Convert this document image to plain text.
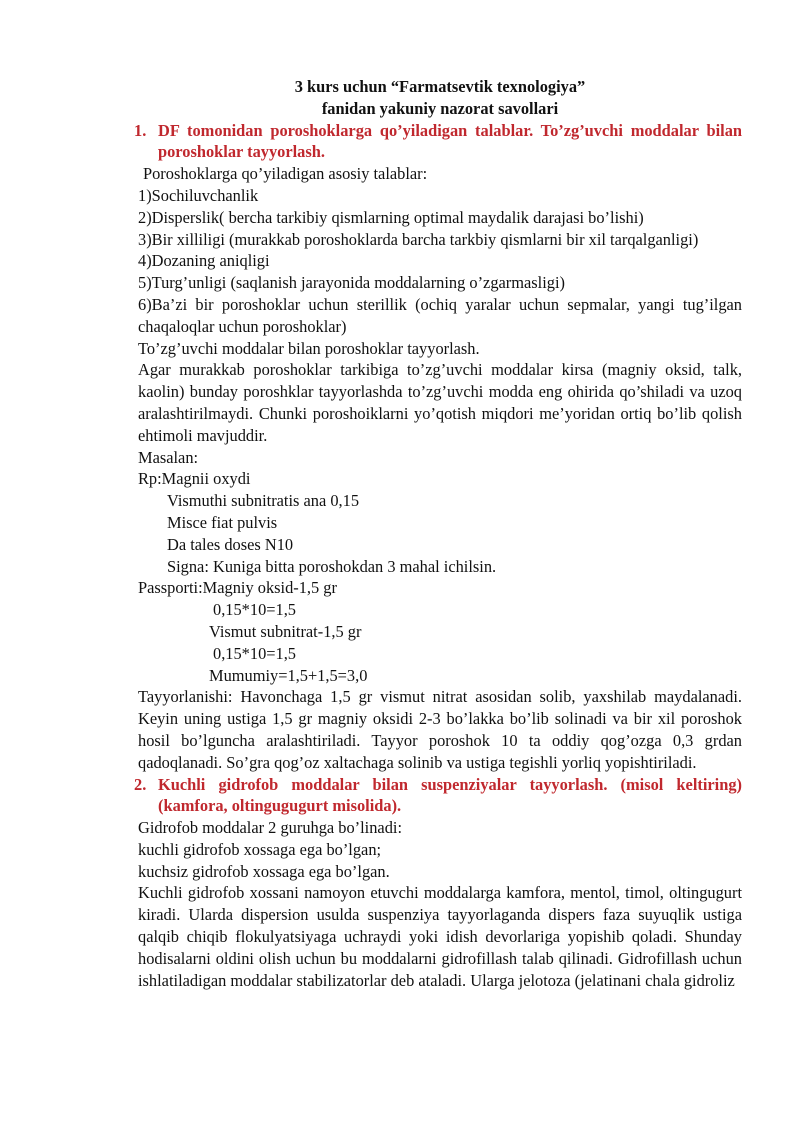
3 kurs uchun “Farmatsevtik texnologiya”
fanidan yakuniy nazorat savollari
1. DF tomonidan poroshoklarga qo’yiladigan talablar. To’zg’uvchi moddalar bilan poroshoklar tayyorlash.
Poroshoklarga qo’yiladigan asosiy talablar:
1)Sochiluvchanlik
2)Disperslik( bercha tarkibiy qismlarning optimal maydalik darajasi bo’lishi)
3)Bir xilliligi (murakkab poroshoklarda barcha tarkbiy qismlarni bir xil tarqalganligi)
4)Dozaning aniqligi
5)Turg’unligi (saqlanish jarayonida moddalarning o’zgarmasligi)
6)Ba’zi bir poroshoklar uchun sterillik (ochiq yaralar uchun sepmalar, yangi tug’ilgan chaqaloqlar uchun poroshoklar)
To’zg’uvchi moddalar bilan poroshoklar tayyorlash.
Agar murakkab poroshoklar tarkibiga to’zg’uvchi moddalar kirsa (magniy oksid, talk, kaolin) bunday poroshklar tayyorlashda to’zg’uvchi modda eng ohirida qo’shiladi va uzoq aralashtirilmaydi. Chunki poroshoiklarni yo’qotish miqdori me’yoridan ortiq bo’lib qolish ehtimoli mavjuddir.
Masalan:
Rp:Magnii oxydi
Vismuthi subnitratis ana 0,15
Misce fiat pulvis
Da tales doses N10
Signa: Kuniga bitta poroshokdan 3 mahal ichilsin.
Passporti:Magniy oksid-1,5 gr
0,15*10=1,5
Vismut subnitrat-1,5 gr
0,15*10=1,5
Mumumiy=1,5+1,5=3,0
Tayyorlanishi: Havonchaga 1,5 gr vismut nitrat asosidan solib, yaxshilab maydalanadi. Keyin uning ustiga 1,5 gr magniy oksidi 2-3 bo’lakka bo’lib solinadi va bir xil poroshok hosil bo’lguncha aralashtiriladi. Tayyor poroshok 10 ta oddiy qog’ozga 0,3 grdan qadoqlanadi. So’gra qog’oz xaltachaga solinib va ustiga tegishli yorliq yopishtiriladi.
2. Kuchli gidrofob moddalar bilan suspenziyalar tayyorlash. (misol keltiring) (kamfora, oltingugugurt misolida).
Gidrofob moddalar 2 guruhga bo’linadi:
kuchli gidrofob xossaga ega bo’lgan;
kuchsiz gidrofob xossaga ega bo’lgan.
Kuchli gidrofob xossani namoyon etuvchi moddalarga kamfora, mentol, timol, oltingugurt kiradi. Ularda dispersion usulda suspenziya tayyorlaganda dispers faza suyuqlik ustiga qalqib chiqib flokulyatsiyaga uchraydi yoki idish devorlariga yopishib qoladi. Shunday hodisalarni oldini olish uchun bu moddalarni gidrofillash talab qilinadi. Gidrofillash uchun ishlatiladigan moddalar stabilizatorlar deb ataladi. Ularga jelotoza (jelatinani chala gidroliz
